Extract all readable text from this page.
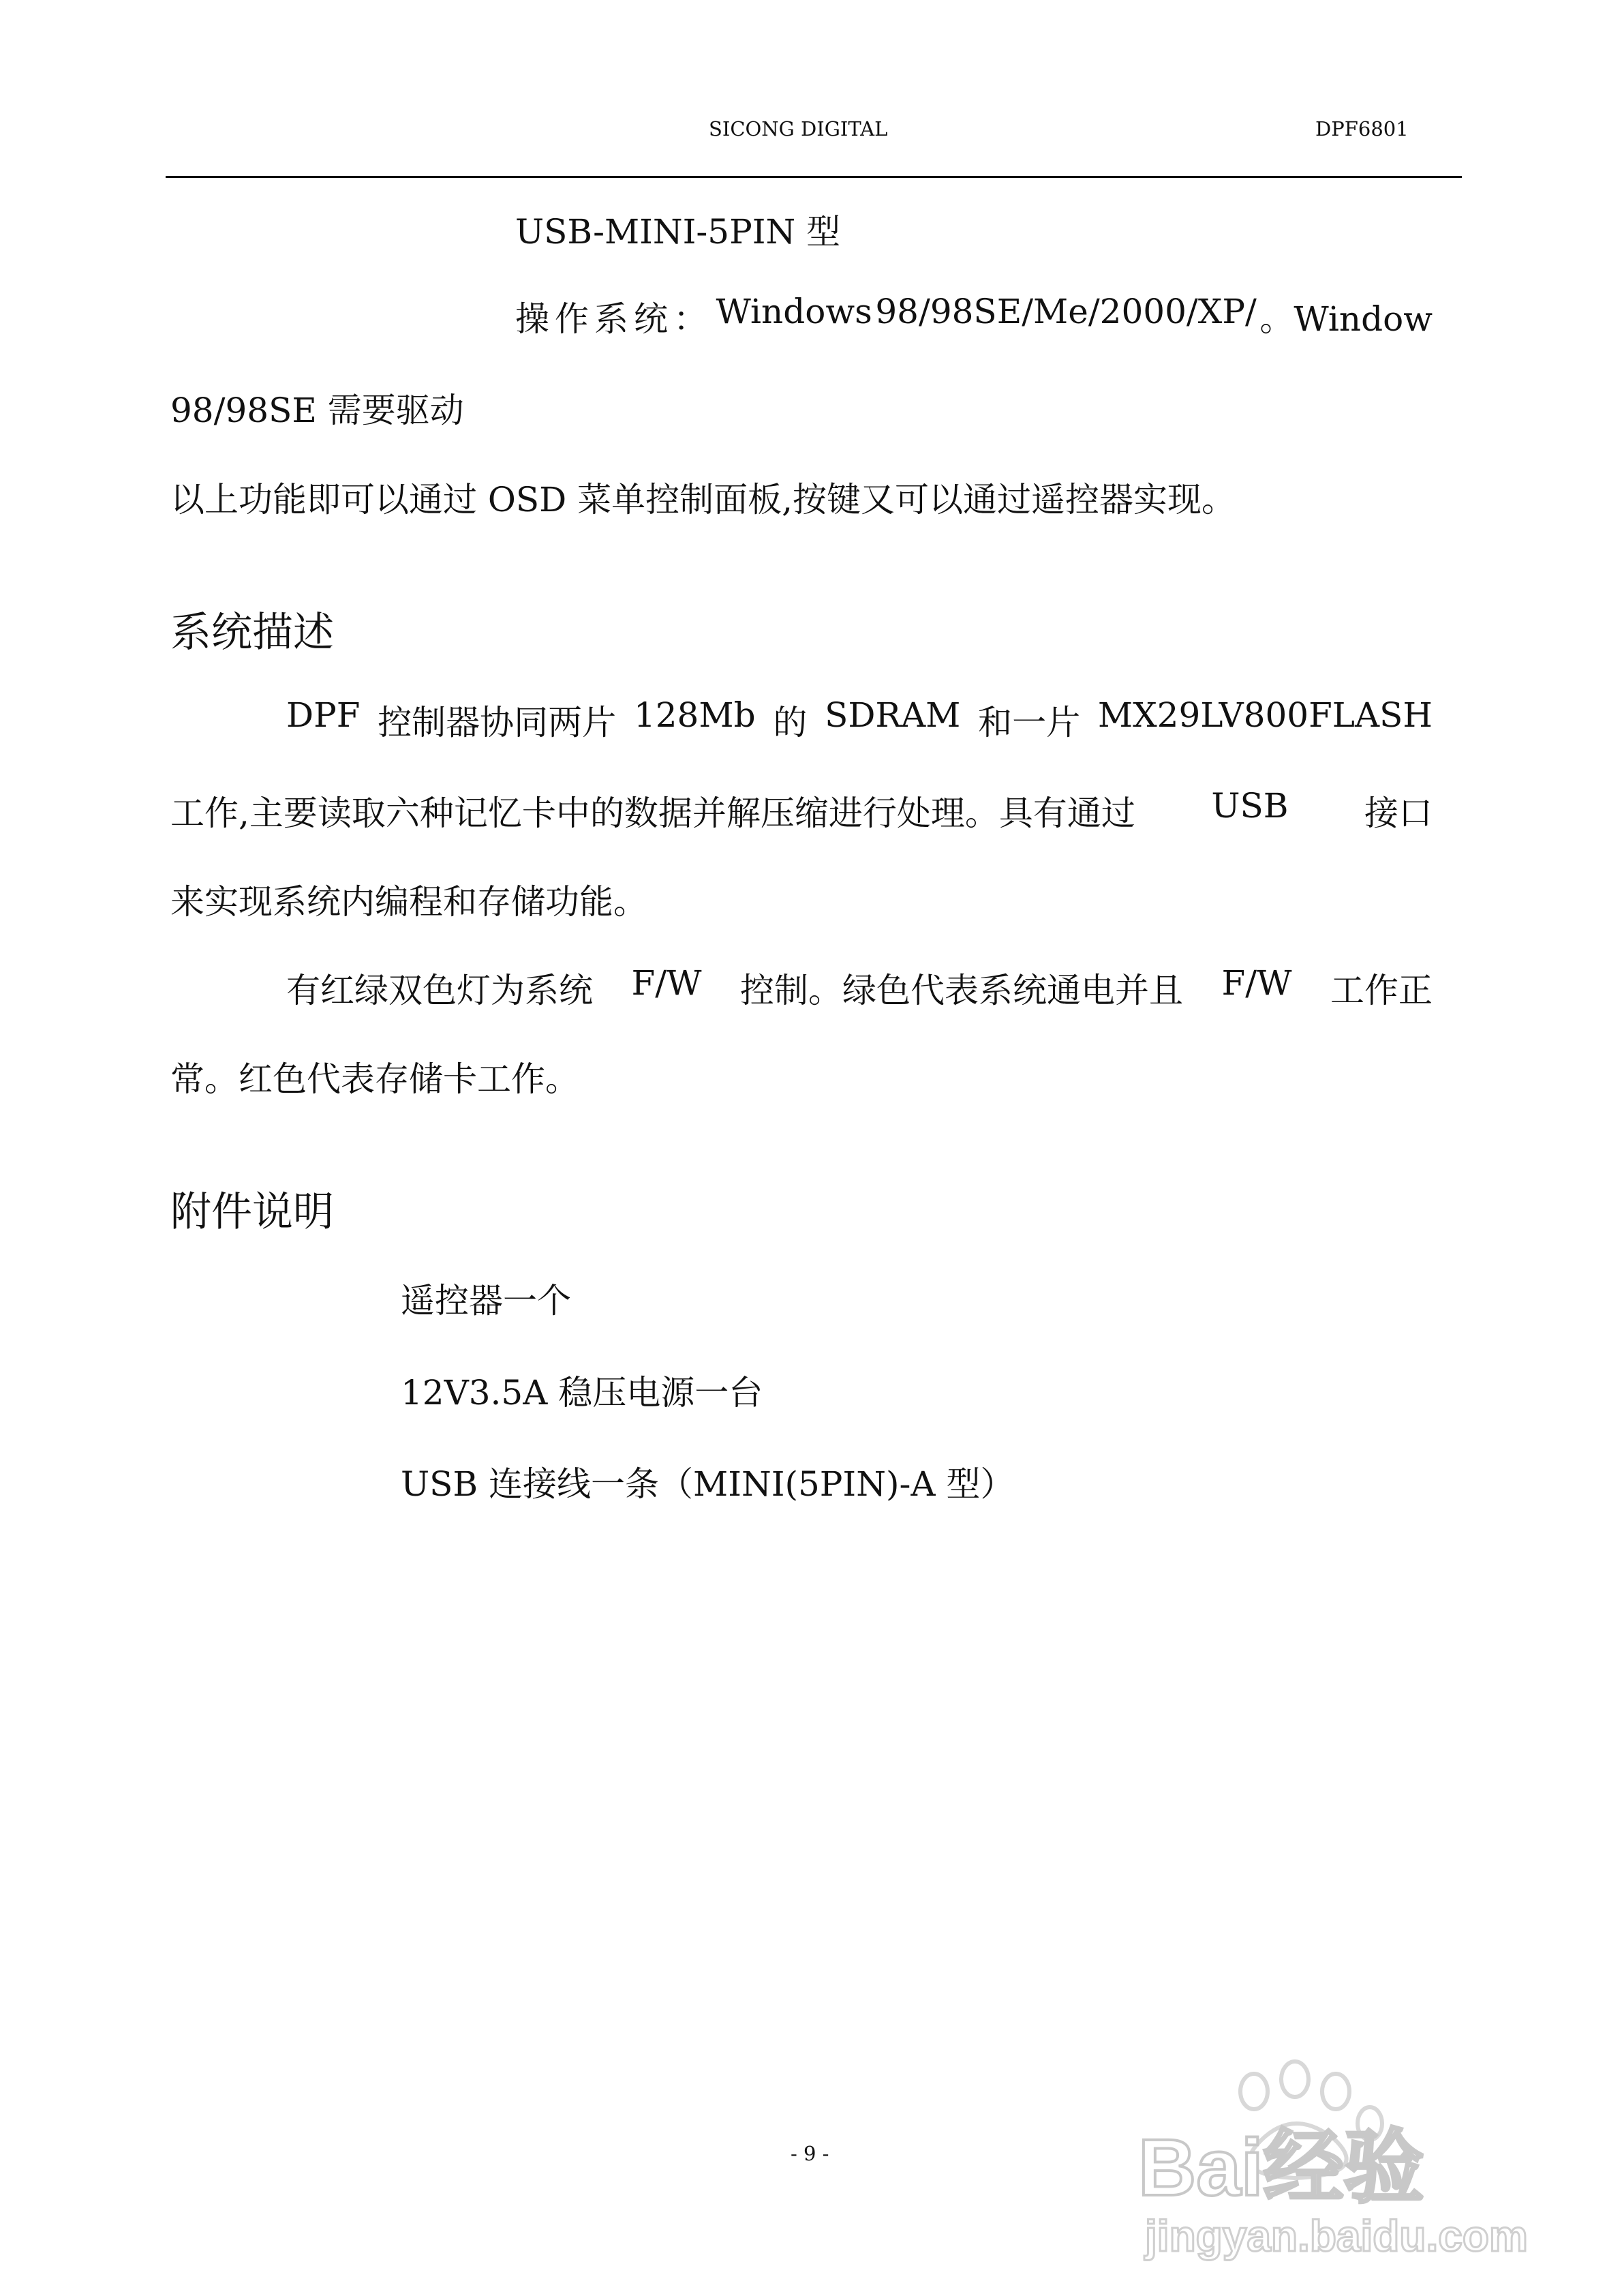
SICONG DIGITAL	DPF6801
USB-MINI-5PIN 型
操作系统： Windows 98/98SE/Me/2000/XP/ 。Window
98/98SE 需要驱动
以上功能即可以通过 OSD 菜单控制面板,按键又可以通过遥控器实现。
系统描述
DPF 控制器协同两片 128Mb 的 SDRAM 和一片 MX29LV800FLASH
工作,主要读取六种记忆卡中的数据并解压缩进行处理。具有通过 USB 接口
来实现系统内编程和存储功能。
有红绿双色灯为系统 F/W 控制。绿色代表系统通电并且 F/W 工作正
常。红色代表存储卡工作。
附件说明
遥控器一个
12V3.5A 稳压电源一台
USB 连接线一条（MINI(5PIN)-A 型）
- 9 -	Bai经验
jingyan.baidu.com
